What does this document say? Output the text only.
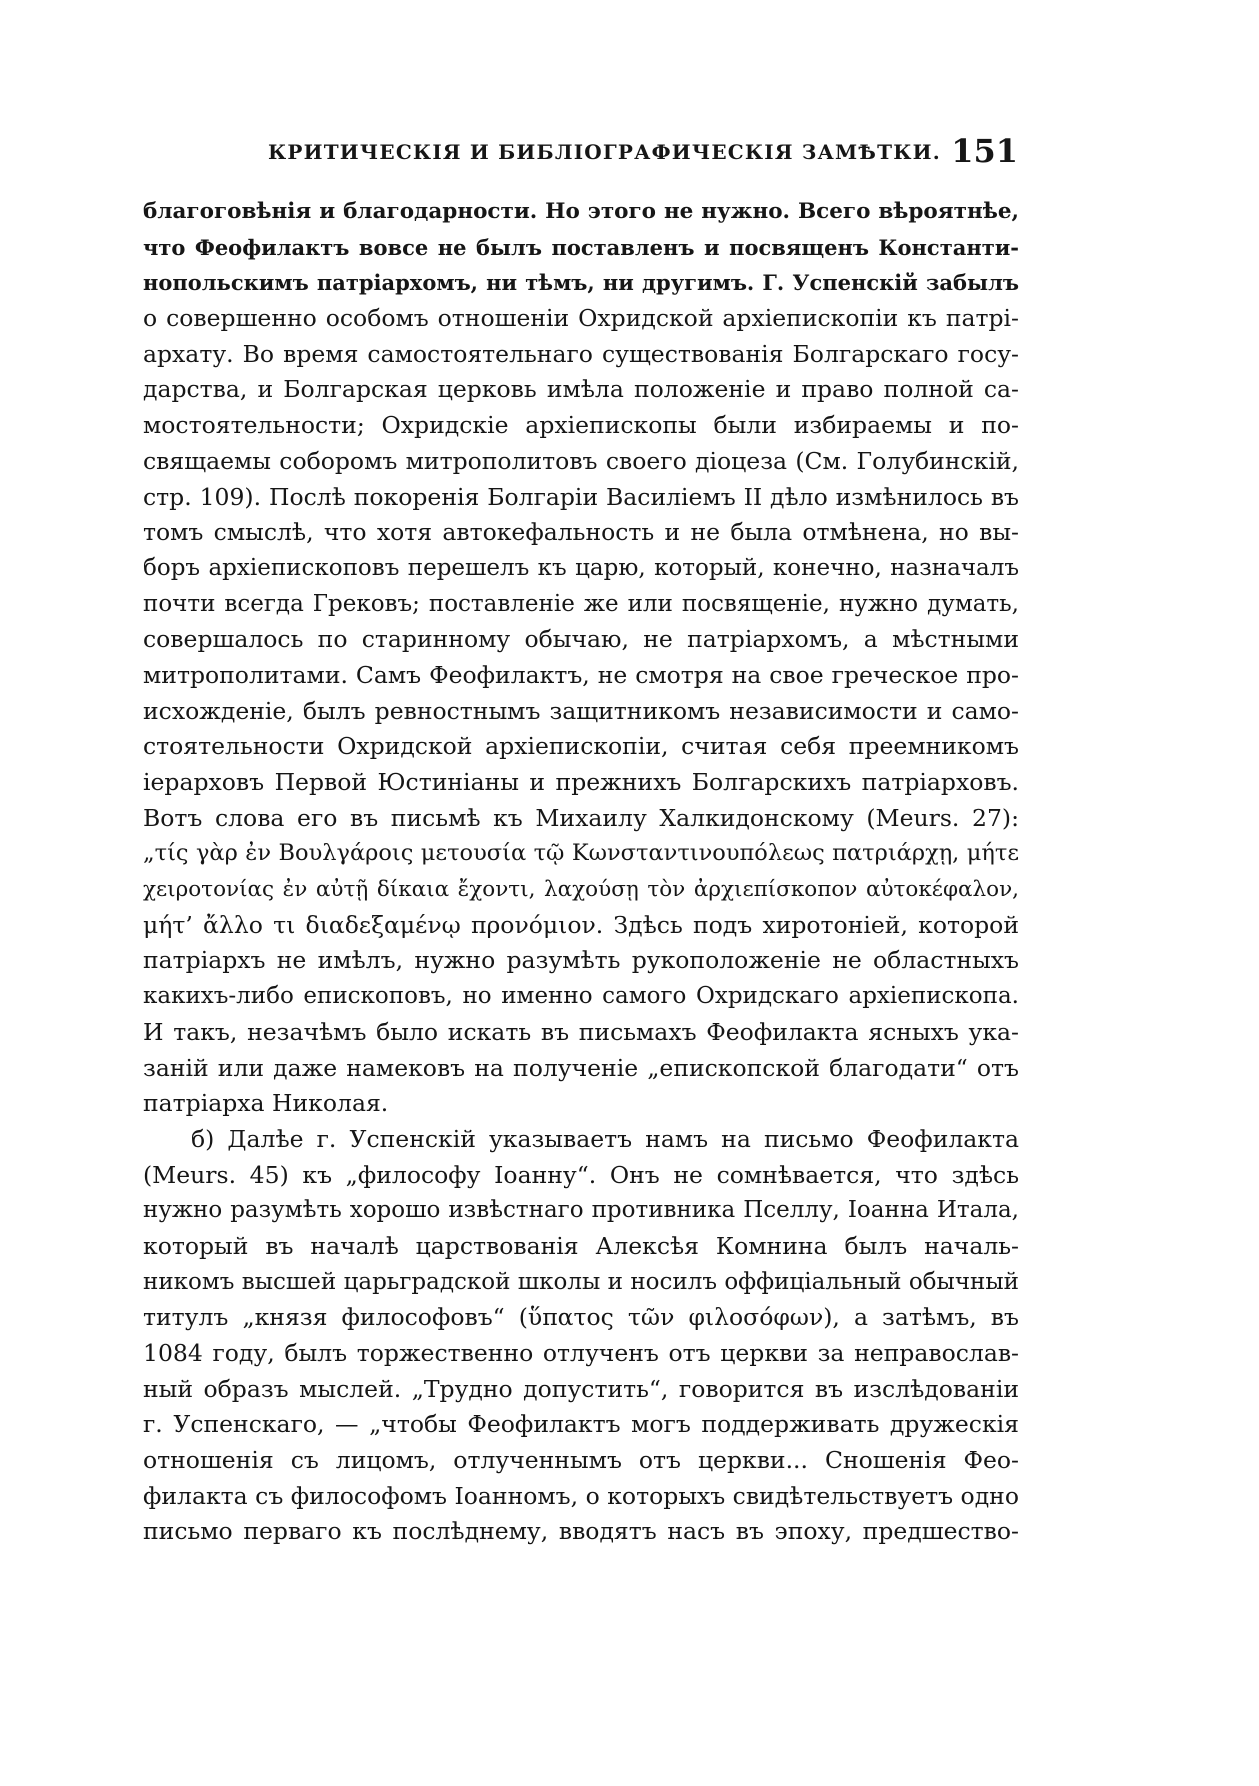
КРИТИЧЕСКІЯ И БИБЛІОГРАФИЧЕСКІЯ ЗАМѢТКИ. 151
благоговѣнія и благодарности. Но этого не нужно. Всего вѣроятнѣе,
что Феофилактъ вовсе не былъ поставленъ и посвященъ Константи-
нопольскимъ патріархомъ, ни тѣмъ, ни другимъ. Г. Успенскій забылъ
о совершенно особомъ отношеніи Охридской архіепископіи къ патрі-
архату. Во время самостоятельнаго существованія Болгарскаго госу-
дарства, и Болгарская церковь имѣла положеніе и право полной са-
мостоятельности; Охридскіе архіепископы были избираемы и по-
свящаемы соборомъ митрополитовъ своего діоцеза (См. Голубинскій,
стр. 109). Послѣ покоренія Болгаріи Василіемъ II дѣло измѣнилось въ
томъ смыслѣ, что хотя автокефальность и не была отмѣнена, но вы-
боръ архіепископовъ перешелъ къ царю, который, конечно, назначалъ
почти всегда Грековъ; поставленіе же или посвященіе, нужно думать,
совершалось по старинному обычаю, не патріархомъ, а мѣстными
митрополитами. Самъ Феофилактъ, не смотря на свое греческое про-
исхожденіе, былъ ревностнымъ защитникомъ независимости и само-
стоятельности Охридской архіепископіи, считая себя преемникомъ
іерарховъ Первой Юстиніаны и прежнихъ Болгарскихъ патріарховъ.
Вотъ слова его въ письмѣ къ Михаилу Халкидонскому (Meurs. 27):
„τίς γὰρ ἐν Βουλγάροις μετουσία τῷ Κωνσταντινουπόλεως πατριάρχῃ, μήτε
χειροτονίας ἐν αὐτῇ δίκαια ἔχοντι, λαχούσῃ τὸν ἀρχιεπίσκοπον αὐτοκέφαλον,
μήτ’ ἄλλο τι διαδεξαμένῳ προνόμιον. Здѣсь подъ хиротоніей, которой
патріархъ не имѣлъ, нужно разумѣть рукоположеніе не областныхъ
какихъ-либо епископовъ, но именно самого Охридскаго архіепископа.
И такъ, незачѣмъ было искать въ письмахъ Феофилакта ясныхъ ука-
заній или даже намековъ на полученіе „епископской благодати“ отъ
патріарха Николая.
б) Далѣе г. Успенскій указываетъ намъ на письмо Феофилакта
(Meurs. 45) къ „философу Іоанну“. Онъ не сомнѣвается, что здѣсь
нужно разумѣть хорошо извѣстнаго противника Пселлу, Іоанна Итала,
который въ началѣ царствованія Алексѣя Комнина былъ началь-
никомъ высшей царьградской школы и носилъ оффиціальный обычный
титулъ „князя философовъ“ (ὕπατος τῶν φιλοσόφων), а затѣмъ, въ
1084 году, былъ торжественно отлученъ отъ церкви за неправослав-
ный образъ мыслей. „Трудно допустить“, говорится въ изслѣдованіи
г. Успенскаго, — „чтобы Феофилактъ могъ поддерживать дружескія
отношенія съ лицомъ, отлученнымъ отъ церкви... Сношенія Фео-
филакта съ философомъ Іоанномъ, о которыхъ свидѣтельствуетъ одно
письмо перваго къ послѣднему, вводятъ насъ въ эпоху, предшество-
